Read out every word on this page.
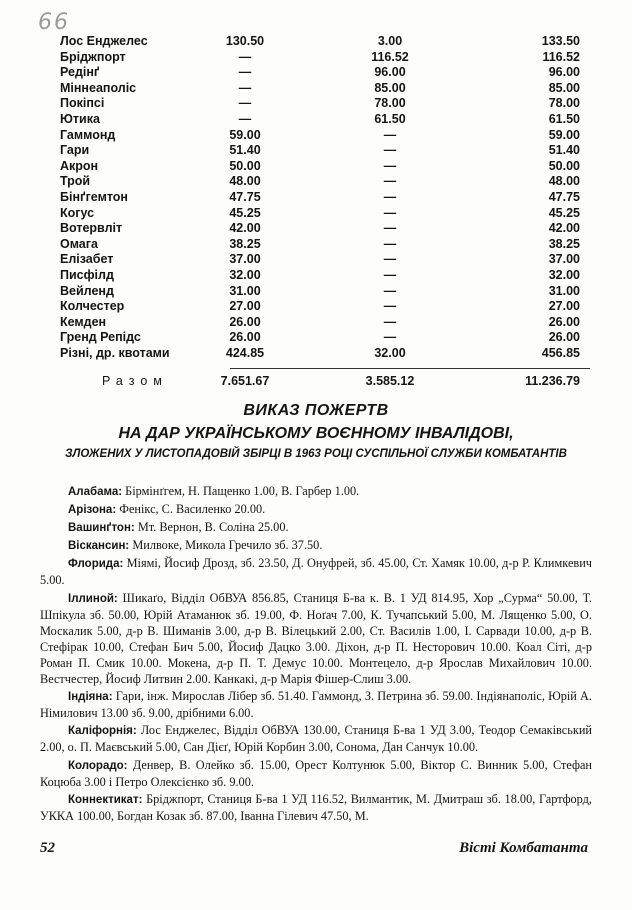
66
Лос Енджелес	130.50	3.00	133.50
Бріджпорт	—	116.52	116.52
Редінґ	—	96.00	96.00
Міннеаполіс	—	85.00	85.00
Покіпсі	—	78.00	78.00
Ютика	—	61.50	61.50
Гаммонд	59.00	—	59.00
Гари	51.40	—	51.40
Акрон	50.00	—	50.00
Трой	48.00	—	48.00
Бінґгемтон	47.75	—	47.75
Когус	45.25	—	45.25
Вотервліт	42.00	—	42.00
Омага	38.25	—	38.25
Елізабет	37.00	—	37.00
Писфілд	32.00	—	32.00
Вейленд	31.00	—	31.00
Колчестер	27.00	—	27.00
Кемден	26.00	—	26.00
Гренд Репідс	26.00	—	26.00
Різні, др. квотами	424.85	32.00	456.85
Разом	7.651.67	3.585.12	11.236.79
ВИКАЗ ПОЖЕРТВ
НА ДАР УКРАЇНСЬКОМУ ВОЄННОМУ ІНВАЛІДОВІ,
ЗЛОЖЕНИХ У ЛИСТОПАДОВІЙ ЗБІРЦІ В 1963 РОЦІ СУСПІЛЬНОЇ СЛУЖБИ КОМБАТАНТІВ

Алабама: Бірмінґгем, Н. Пащенко 1.00, В. Гарбер 1.00.

Арізона: Фенікс, С. Василенко 20.00.

Вашинґтон: Мт. Вернон, В. Соліна 25.00.

Віскансин: Милвоке, Микола Гречило зб. 37.50.

Флорида: Міямі, Йосиф Дрозд, зб. 23.50, Д. Онуфрей, зб. 45.00, Ст. Хамяк 10.00, д-р Р. Климкевич 5.00.

Іллиной: Шикаґо, Відділ ОбВУА 856.85, Станиця Б-ва к. В. 1 УД 814.95, Хор „Сурма“ 50.00, Т. Шпікула зб. 50.00, Юрій Атаманюк зб. 19.00, Ф. Ноґач 7.00, К. Тучапський 5.00, М. Лященко 5.00, О. Москалик 5.00, д-р В. Шиманів 3.00, д-р В. Вілецький 2.00, Ст. Василів 1.00, І. Сарвади 10.00, д-р В. Стефірак 10.00, Стефан Бич 5.00, Йосиф Дацко 3.00. Діхон, д-р П. Несторович 10.00. Коал Сіті, д-р Роман П. Смик 10.00. Мокена, д-р П. Т. Демус 10.00. Монтецело, д-р Ярослав Михайлович 10.00. Вестчестер, Йосиф Литвин 2.00. Канкакі, д-р Марія Фішер-Слиш 3.00.

Індіяна: Гари, інж. Мирослав Лібер зб. 51.40. Гаммонд, З. Петрина зб. 59.00. Індіянаполіс, Юрій А. Німилович 13.00 зб. 9.00, дрібними 6.00.

Каліфорнія: Лос Енджелес, Відділ ОбВУА 130.00, Станиця Б-ва 1 УД 3.00, Теодор Семаківський 2.00, о. П. Маєвський 5.00, Сан Дієґ, Юрій Корбин 3.00, Сонома, Дан Санчук 10.00.

Колорадо: Денвер, В. Олейко зб. 15.00, Орест Колтунюк 5.00, Віктор С. Винник 5.00, Стефан Коцюба 3.00 і Петро Олексієнко зб. 9.00.

Коннектикат: Бріджпорт, Станиця Б-ва 1 УД 116.52, Вилмантик, М. Дмитраш зб. 18.00, Гартфорд, УККА 100.00, Богдан Козак зб. 87.00, Іванна Гілевич 47.50, М.

52	Вісті Комбатанта
